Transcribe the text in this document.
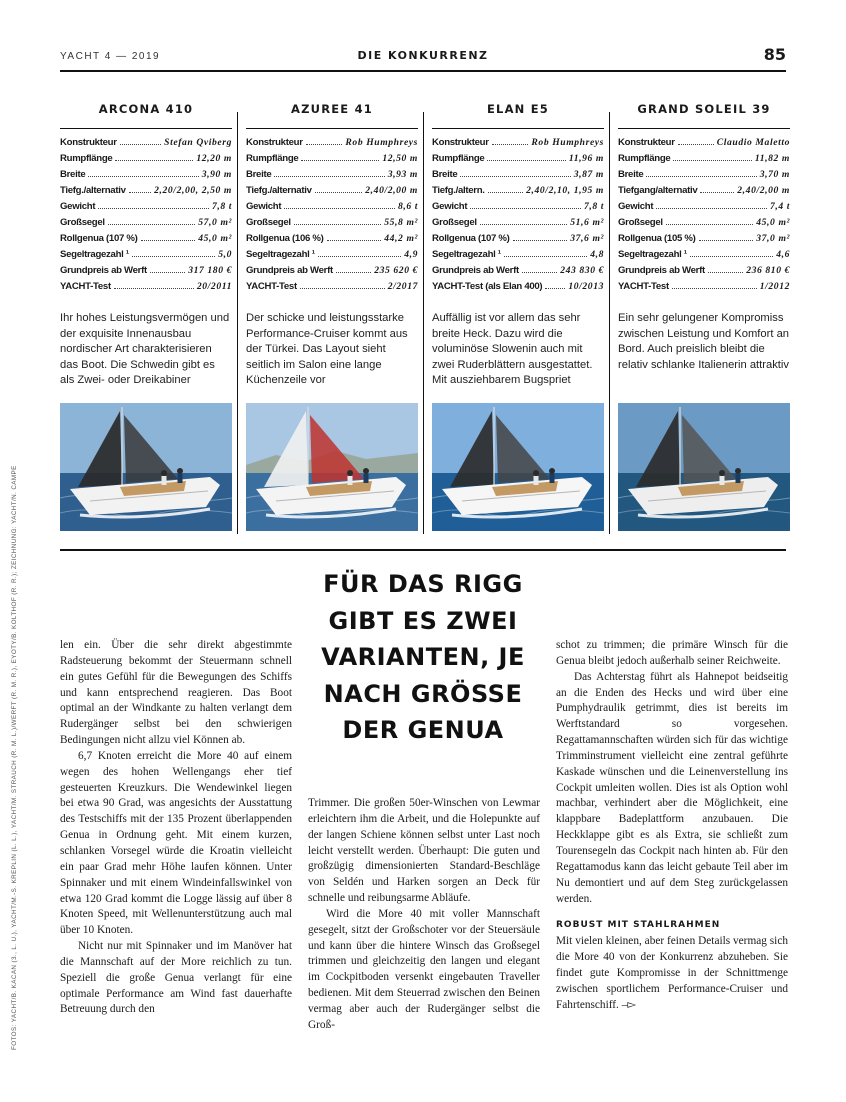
YACHT 4 — 2019	DIE KONKURRENZ	85
ARCONA 410
Konstrukteur	Stefan Qviberg
Rumpflänge	12,20 m
Breite	3,90 m
Tiefg./alternativ	2,20/2,00, 2,50 m
Gewicht	7,8 t
Großsegel	57,0 m²
Rollgenua (107 %)	45,0 m²
Segeltragezahl ¹	5,0
Grundpreis ab Werft	317 180 €
YACHT-Test	20/2011
Ihr hohes Leistungsvermögen und der exquisite Innenausbau nordischer Art charakterisieren das Boot. Die Schwedin gibt es als Zwei- oder Dreikabiner
AZUREE 41
Konstrukteur	Rob Humphreys
Rumpflänge	12,50 m
Breite	3,93 m
Tiefg./alternativ	2,40/2,00 m
Gewicht	8,6 t
Großsegel	55,8 m²
Rollgenua (106 %)	44,2 m²
Segeltragezahl ¹	4,9
Grundpreis ab Werft	235 620 €
YACHT-Test	2/2017
Der schicke und leistungsstarke Performance-Cruiser kommt aus der Türkei. Das Layout sieht seitlich im Salon eine lange Küchenzeile vor
ELAN E5
Konstrukteur	Rob Humphreys
Rumpflänge	11,96 m
Breite	3,87 m
Tiefg./altern.	2,40/2,10, 1,95 m
Gewicht	7,8 t
Großsegel	51,6 m²
Rollgenua (107 %)	37,6 m²
Segeltragezahl ¹	4,8
Grundpreis ab Werft	243 830 €
YACHT-Test (als Elan 400)	10/2013
Auffällig ist vor allem das sehr breite Heck. Dazu wird die voluminöse Slowenin auch mit zwei Ruderblättern ausgestattet. Mit ausziehbarem Bugspriet
GRAND SOLEIL 39
Konstrukteur	Claudio Maletto
Rumpflänge	11,82 m
Breite	3,70 m
Tiefgang/alternativ	2,40/2,00 m
Gewicht	7,4 t
Großsegel	45,0 m²
Rollgenua (105 %)	37,0 m²
Segeltragezahl ¹	4,6
Grundpreis ab Werft	236 810 €
YACHT-Test	1/2012
Ein sehr gelungener Kompromiss zwischen Leistung und Komfort an Bord. Auch preislich bleibt die relativ schlanke Italienerin attraktiv
FOTOS: YACHT/B. KACAN (3., L. U.), YACHT/M.-S. KREPLIN (L. L.), YACHT/M. STRAUCH (R. M. L.)/WERFT (R. M. R.), EYOTY/B. KOLTHOF (R. R.); ZEICHNUNG: YACHT/N. CAMPE	FÜR DAS RIGG
GIBT ES ZWEI
VARIANTEN, JE
NACH GRÖSSE
DER GENUA

len ein. Über die sehr direkt abgestimmte Radsteuerung bekommt der Steuermann schnell ein gutes Gefühl für die Bewegungen des Schiffs und kann entsprechend reagieren. Das Boot optimal an der Windkante zu halten verlangt dem Rudergänger selbst bei den schwierigen Bedingungen nicht allzu viel Können ab.

6,7 Knoten erreicht die More 40 auf einem wegen des hohen Wellengangs eher tief gesteuerten Kreuzkurs. Die Wendewinkel liegen bei etwa 90 Grad, was angesichts der Ausstattung des Testschiffs mit der 135 Prozent überlappenden Genua in Ordnung geht. Mit einem kurzen, schlanken Vorsegel würde die Kroatin vielleicht ein paar Grad mehr Höhe laufen können. Unter Spinnaker und mit einem Windeinfallswinkel von etwa 120 Grad kommt die Logge lässig auf über 8 Knoten Speed, mit Wellenunterstützung auch mal über 10 Knoten.

Nicht nur mit Spinnaker und im Manöver hat die Mannschaft auf der More reichlich zu tun. Speziell die große Genua verlangt für eine optimale Performance am Wind fast dauerhafte Betreuung durch den

Trimmer. Die großen 50er-Winschen von Lewmar erleichtern ihm die Arbeit, und die Holepunkte auf der langen Schiene können selbst unter Last noch leicht verstellt werden. Überhaupt: Die guten und großzügig dimensionierten Standard-Beschläge von Seldén und Harken sorgen an Deck für schnelle und reibungsarme Abläufe.

Wird die More 40 mit voller Mannschaft gesegelt, sitzt der Großschoter vor der Steuersäule und kann über die hintere Winsch das Großsegel trimmen und gleichzeitig den langen und elegant im Cockpitboden versenkt eingebauten Traveller bedienen. Mit dem Steuerrad zwischen den Beinen vermag aber auch der Rudergänger selbst die Groß-

schot zu trimmen; die primäre Winsch für die Genua bleibt jedoch außerhalb seiner Reichweite.

Das Achterstag führt als Hahnepot beidseitig an die Enden des Hecks und wird über eine Pumphydraulik getrimmt, dies ist bereits im Werftstandard so vorgesehen. Regattamannschaften würden sich für das wichtige Trimminstrument vielleicht eine zentral geführte Kaskade wünschen und die Leinenverstellung ins Cockpit umleiten wollen. Dies ist als Option wohl machbar, verhindert aber die Möglichkeit, eine klappbare Badeplattform anzubauen. Die Heckklappe gibt es als Extra, sie schließt zum Tourensegeln das Cockpit nach hinten ab. Für den Regattamodus kann das leicht gebaute Teil aber im Nu demontiert und auf dem Steg zurückgelassen werden.

ROBUST MIT STAHLRAHMEN

Mit vielen kleinen, aber feinen Details vermag sich die More 40 von der Konkurrenz abzuheben. Sie findet gute Kompromisse in der Schnittmenge zwischen sportlichem Performance-Cruiser und Fahrtenschiff. –▻
